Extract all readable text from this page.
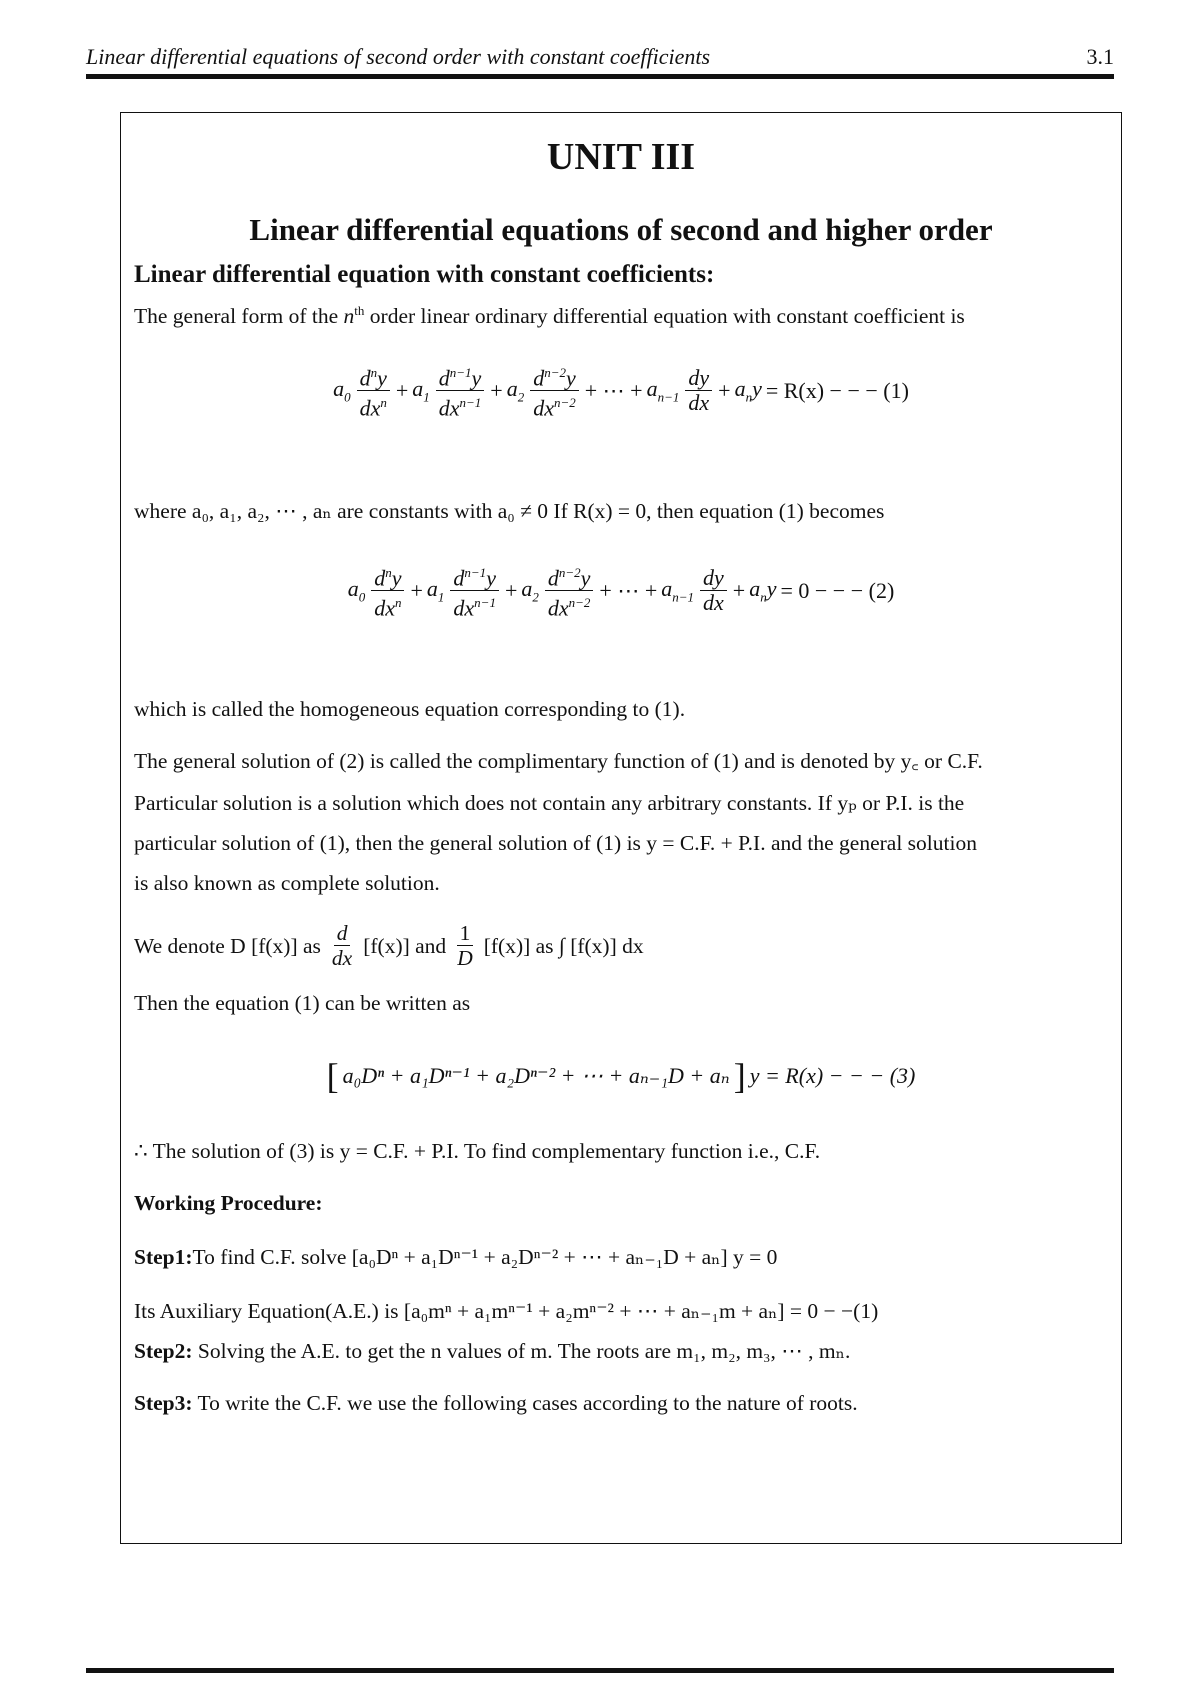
Linear differential equations of second order with constant coefficients	3.1
UNIT III
Linear differential equations of second and higher order
Linear differential equation with constant coefficients:
The general form of the $n^{th}$ order linear ordinary differential equation with constant coefficient is
$a_0 \frac{d^ny}{dx^n} + a_1 \frac{d^{n-1}y}{dx^{n-1}} + a_2 \frac{d^{n-2}y}{dx^{n-2}}$ + ⋯ + $a_{n-1} \frac{dy}{dx} + a_ny = R(x)$ − − − (1)
where a₀, a₁, a₂, ⋯ , aₙ are constants with a₀ ≠ 0 If R(x) = 0, then equation (1) becomes
$a_0 \frac{d^ny}{dx^n} + a_1 \frac{d^{n-1}y}{dx^{n-1}} + a_2 \frac{d^{n-2}y}{dx^{n-2}}$ + ⋯ + $a_{n-1} \frac{dy}{dx} + a_ny = 0$ − − − (2)
which is called the homogeneous equation corresponding to (1).
The general solution of (2) is called the complimentary function of (1) and is denoted by y꜀ or C.F.
Particular solution is a solution which does not contain any arbitrary constants. If yₚ or P.I. is the
particular solution of (1), then the general solution of (1) is y = C.F. + P.I. and the general solution
is also known as complete solution.
We denote D [f(x)] as $\frac{d}{dx} [f(x)]$ and $\frac{1}{D} [f(x)]$ as ∫ [f(x)] dx
Then the equation (1) can be written as
[ a₀Dⁿ + a₁Dⁿ⁻¹ + a₂Dⁿ⁻² + ⋯ + aₙ₋₁D + aₙ ] y = R(x) − − − (3)
∴ The solution of (3) is y = C.F. + P.I. To find complementary function i.e., C.F.
Working Procedure:
Step1:To find C.F. solve [a₀Dⁿ + a₁Dⁿ⁻¹ + a₂Dⁿ⁻² + ⋯ + aₙ₋₁D + aₙ] y = 0
Its Auxiliary Equation(A.E.) is [a₀mⁿ + a₁mⁿ⁻¹ + a₂mⁿ⁻² + ⋯ + aₙ₋₁m + aₙ] = 0 − −(1)
Step2: Solving the A.E. to get the n values of m. The roots are m₁, m₂, m₃, ⋯ , mₙ.
Step3: To write the C.F. we use the following cases according to the nature of roots.
